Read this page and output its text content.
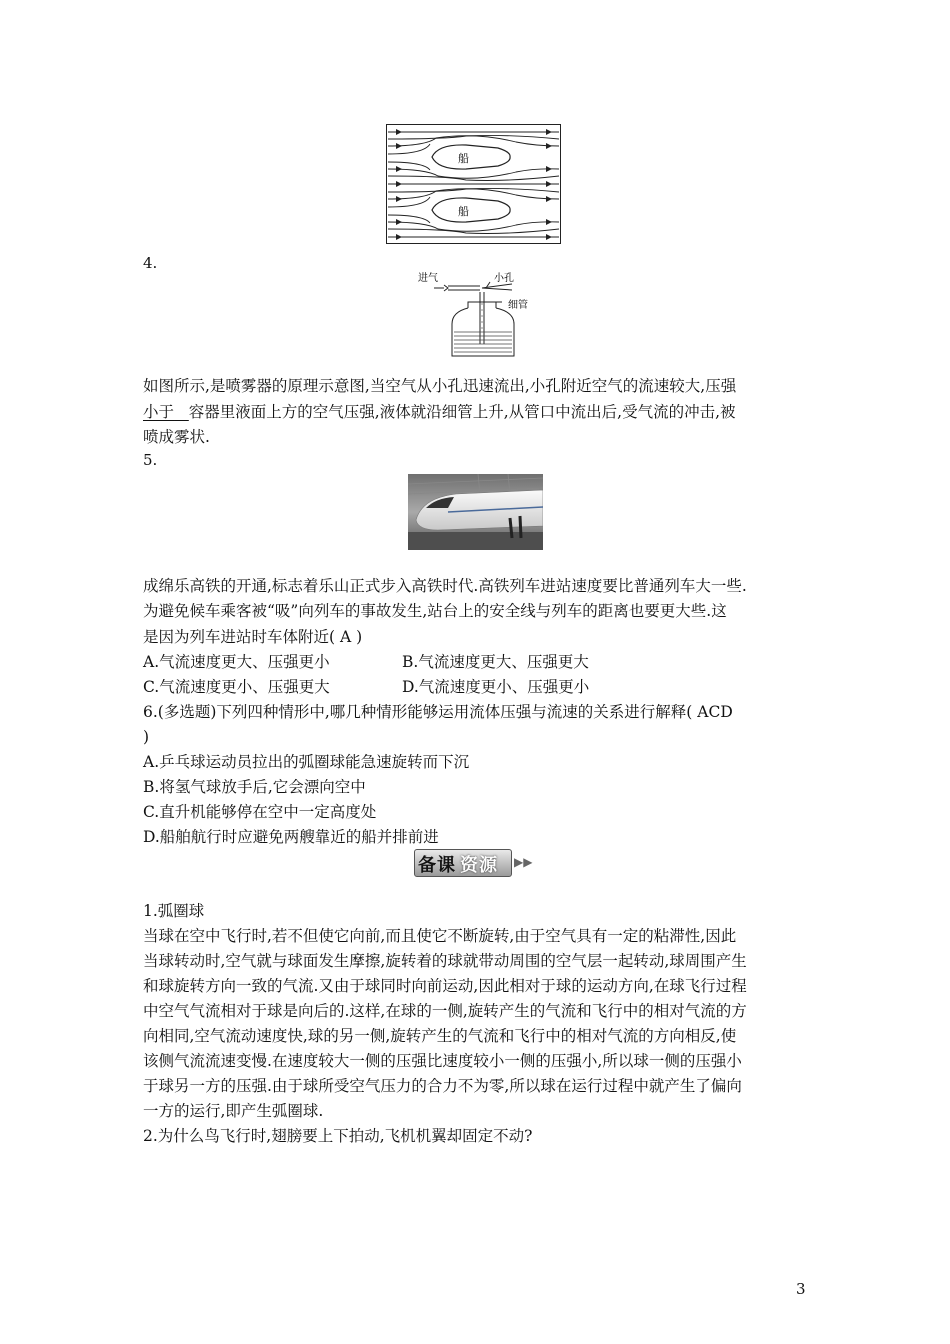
船
船
4.
进气	小孔
细管
如图所示,是喷雾器的原理示意图,当空气从小孔迅速流出,小孔附近空气的流速较大,压强
小于 容器里液面上方的空气压强,液体就沿细管上升,从管口中流出后,受气流的冲击,被
喷成雾状.
5.
成绵乐高铁的开通,标志着乐山正式步入高铁时代.高铁列车进站速度要比普通列车大一些.
为避免候车乘客被“吸”向列车的事故发生,站台上的安全线与列车的距离也要更大些.这
是因为列车进站时车体附近( A )
A.气流速度更大、压强更小	B.气流速度更大、压强更大
C.气流速度更小、压强更大	D.气流速度更小、压强更小
6.(多选题)下列四种情形中,哪几种情形能够运用流体压强与流速的关系进行解释( ACD
)
A.乒乓球运动员拉出的弧圈球能急速旋转而下沉
B.将氢气球放手后,它会漂向空中
C.直升机能够停在空中一定高度处
D.船舶航行时应避免两艘靠近的船并排前进
备课 资源 ▶▶
1.弧圈球
当球在空中飞行时,若不但使它向前,而且使它不断旋转,由于空气具有一定的粘滞性,因此
当球转动时,空气就与球面发生摩擦,旋转着的球就带动周围的空气层一起转动,球周围产生
和球旋转方向一致的气流.又由于球同时向前运动,因此相对于球的运动方向,在球飞行过程
中空气气流相对于球是向后的.这样,在球的一侧,旋转产生的气流和飞行中的相对气流的方
向相同,空气流动速度快,球的另一侧,旋转产生的气流和飞行中的相对气流的方向相反,使
该侧气流流速变慢.在速度较大一侧的压强比速度较小一侧的压强小,所以球一侧的压强小
于球另一方的压强.由于球所受空气压力的合力不为零,所以球在运行过程中就产生了偏向
一方的运行,即产生弧圈球.
2.为什么鸟飞行时,翅膀要上下拍动,飞机机翼却固定不动?
3
